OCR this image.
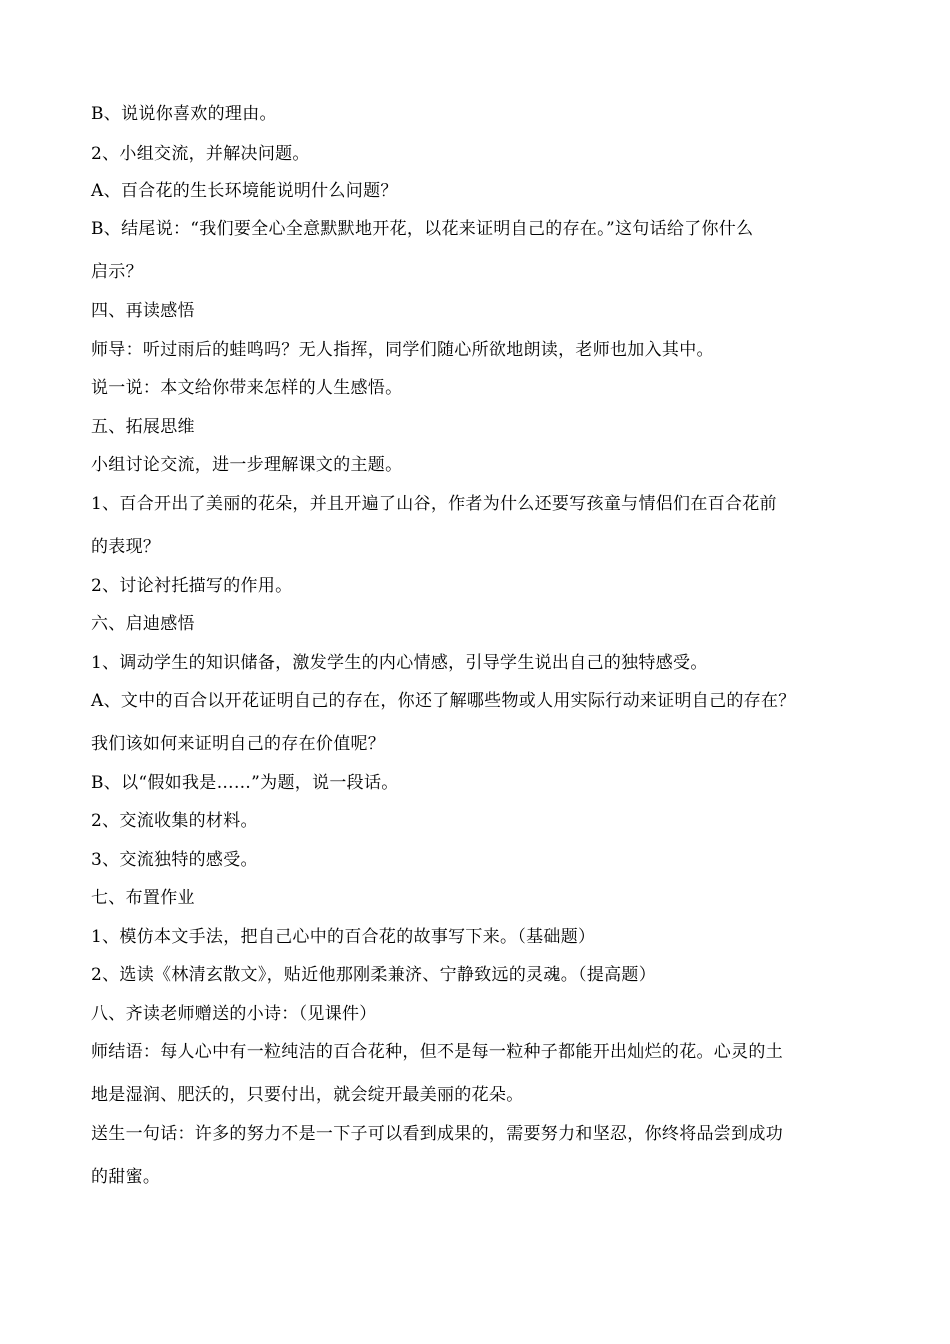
B、说说你喜欢的理由。
2、小组交流，并解决问题。
A、百合花的生长环境能说明什么问题？
B、结尾说：“我们要全心全意默默地开花，以花来证明自己的存在。”这句话给了你什么
启示？
四、再读感悟
师导：听过雨后的蛙鸣吗？无人指挥，同学们随心所欲地朗读，老师也加入其中。
说一说：本文给你带来怎样的人生感悟。
五、拓展思维
小组讨论交流，进一步理解课文的主题。
1、百合开出了美丽的花朵，并且开遍了山谷，作者为什么还要写孩童与情侣们在百合花前
的表现？
2、讨论衬托描写的作用。
六、启迪感悟
1、调动学生的知识储备，激发学生的内心情感，引导学生说出自己的独特感受。
A、文中的百合以开花证明自己的存在，你还了解哪些物或人用实际行动来证明自己的存在？
我们该如何来证明自己的存在价值呢？
B、以“假如我是……”为题，说一段话。
2、交流收集的材料。
3、交流独特的感受。
七、布置作业
1、模仿本文手法，把自己心中的百合花的故事写下来。（基础题）
2、选读《林清玄散文》，贴近他那刚柔兼济、宁静致远的灵魂。（提高题）
八、齐读老师赠送的小诗：（见课件）
师结语：每人心中有一粒纯洁的百合花种，但不是每一粒种子都能开出灿烂的花。心灵的土
地是湿润、肥沃的，只要付出，就会绽开最美丽的花朵。
送生一句话：许多的努力不是一下子可以看到成果的，需要努力和坚忍，你终将品尝到成功
的甜蜜。
